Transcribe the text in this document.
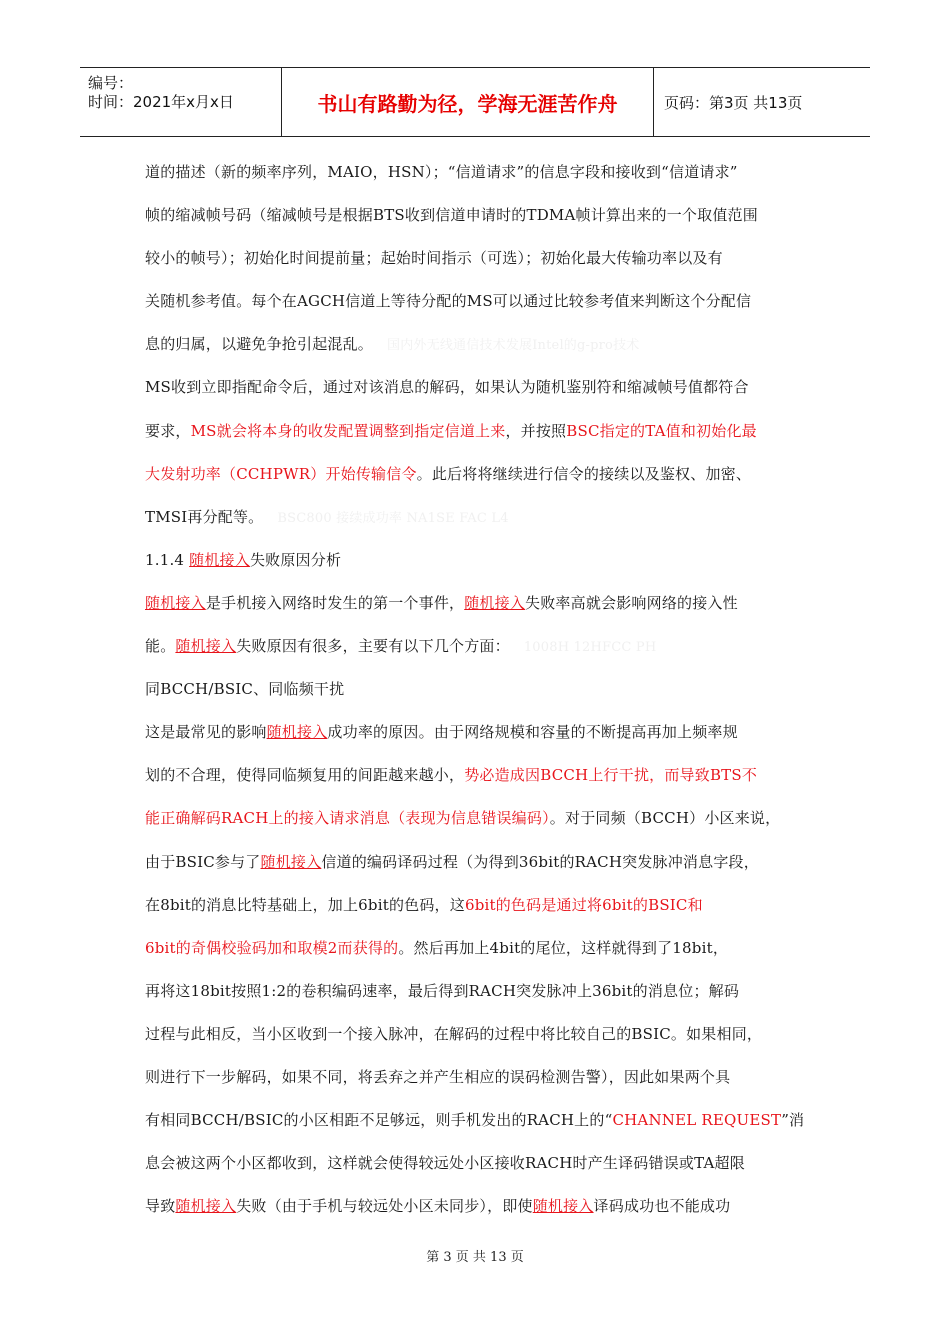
编号：
时间：2021年x月x日	书山有路勤为径，学海无涯苦作舟	页码：第3页 共13页
道的描述（新的频率序列，MAIO，HSN）；“信道请求”的信息字段和接收到“信道请求”
帧的缩减帧号码（缩减帧号是根据BTS收到信道申请时的TDMA帧计算出来的一个取值范围
较小的帧号）；初始化时间提前量；起始时间指示（可选）；初始化最大传输功率以及有
关随机参考值。每个在AGCH信道上等待分配的MS可以通过比较参考值来判断这个分配信
息的归属，以避免争抢引起混乱。 国内外无线通信技术发展Intel的g-pro技术
MS收到立即指配命令后，通过对该消息的解码，如果认为随机鉴别符和缩减帧号值都符合
要求，MS就会将本身的收发配置调整到指定信道上来，并按照BSC指定的TA值和初始化最
大发射功率（CCHPWR）开始传输信令。此后将将继续进行信令的接续以及鉴权、加密、
TMSI再分配等。 BSC800 接续成功率 NA1SE FAC L4
1.1.4 随机接入失败原因分析
随机接入是手机接入网络时发生的第一个事件，随机接入失败率高就会影响网络的接入性
能。随机接入失败原因有很多，主要有以下几个方面： 1008H 12HFCC PH
同BCCH/BSIC、同临频干扰
这是最常见的影响随机接入成功率的原因。由于网络规模和容量的不断提高再加上频率规
划的不合理，使得同临频复用的间距越来越小，势必造成因BCCH上行干扰，而导致BTS不
能正确解码RACH上的接入请求消息（表现为信息错误编码）。对于同频（BCCH）小区来说，
由于BSIC参与了随机接入信道的编码译码过程（为得到36bit的RACH突发脉冲消息字段，
在8bit的消息比特基础上，加上6bit的色码，这6bit的色码是通过将6bit的BSIC和
6bit的奇偶校验码加和取模2而获得的。然后再加上4bit的尾位，这样就得到了18bit，
再将这18bit按照1:2的卷积编码速率，最后得到RACH突发脉冲上36bit的消息位；解码
过程与此相反，当小区收到一个接入脉冲，在解码的过程中将比较自己的BSIC。如果相同，
则进行下一步解码，如果不同，将丢弃之并产生相应的误码检测告警），因此如果两个具
有相同BCCH/BSIC的小区相距不足够远，则手机发出的RACH上的“CHANNEL REQUEST”消
息会被这两个小区都收到，这样就会使得较远处小区接收RACH时产生译码错误或TA超限
导致随机接入失败（由于手机与较远处小区未同步），即使随机接入译码成功也不能成功
第 3 页 共 13 页
